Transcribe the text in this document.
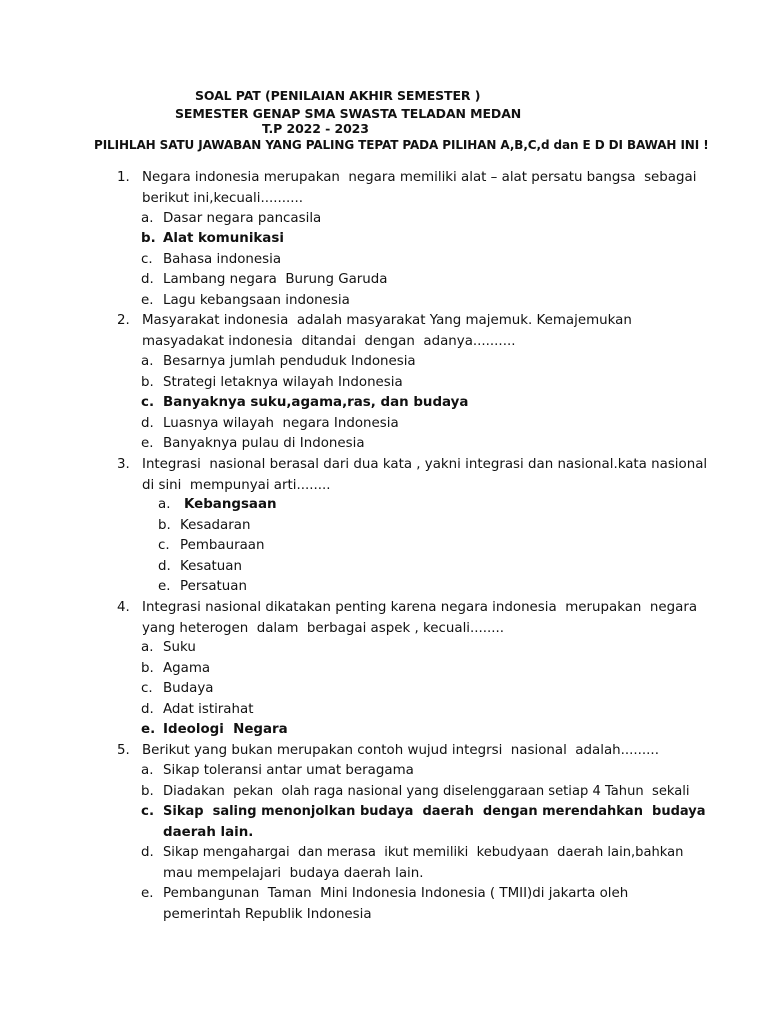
SOAL PAT (PENILAIAN AKHIR SEMESTER )
SEMESTER GENAP SMA SWASTA TELADAN MEDAN
T.P 2022 - 2023
PILIHLAH SATU JAWABAN YANG PALING TEPAT PADA PILIHAN A,B,C,d dan E D DI BAWAH INI !
1. Negara indonesia merupakan  negara memiliki alat – alat persatu bangsa  sebagai
berikut ini,kecuali..........
a. Dasar negara pancasila
b. Alat komunikasi
c. Bahasa indonesia
d. Lambang negara  Burung Garuda
e. Lagu kebangsaan indonesia
2. Masyarakat indonesia  adalah masyarakat Yang majemuk. Kemajemukan
masyadakat indonesia  ditandai  dengan  adanya..........
a. Besarnya jumlah penduduk Indonesia
b. Strategi letaknya wilayah Indonesia
c. Banyaknya suku,agama,ras, dan budaya
d. Luasnya wilayah  negara Indonesia
e. Banyaknya pulau di Indonesia
3. Integrasi  nasional berasal dari dua kata , yakni integrasi dan nasional.kata nasional
di sini  mempunyai arti........
a. Kebangsaan
b. Kesadaran
c. Pembauraan
d. Kesatuan
e. Persatuan
4. Integrasi nasional dikatakan penting karena negara indonesia  merupakan  negara
yang heterogen  dalam  berbagai aspek , kecuali........
a. Suku
b. Agama
c. Budaya
d. Adat istirahat
e. Ideologi  Negara
5. Berikut yang bukan merupakan contoh wujud integrsi  nasional  adalah.........
a. Sikap toleransi antar umat beragama
b. Diadakan  pekan  olah raga nasional yang diselenggaraan setiap 4 Tahun  sekali
c. Sikap  saling menonjolkan budaya  daerah  dengan merendahkan  budaya
daerah lain.
d. Sikap mengahargai  dan merasa  ikut memiliki  kebudyaan  daerah lain,bahkan
mau mempelajari  budaya daerah lain.
e. Pembangunan  Taman  Mini Indonesia Indonesia ( TMII)di jakarta oleh
pemerintah Republik Indonesia
